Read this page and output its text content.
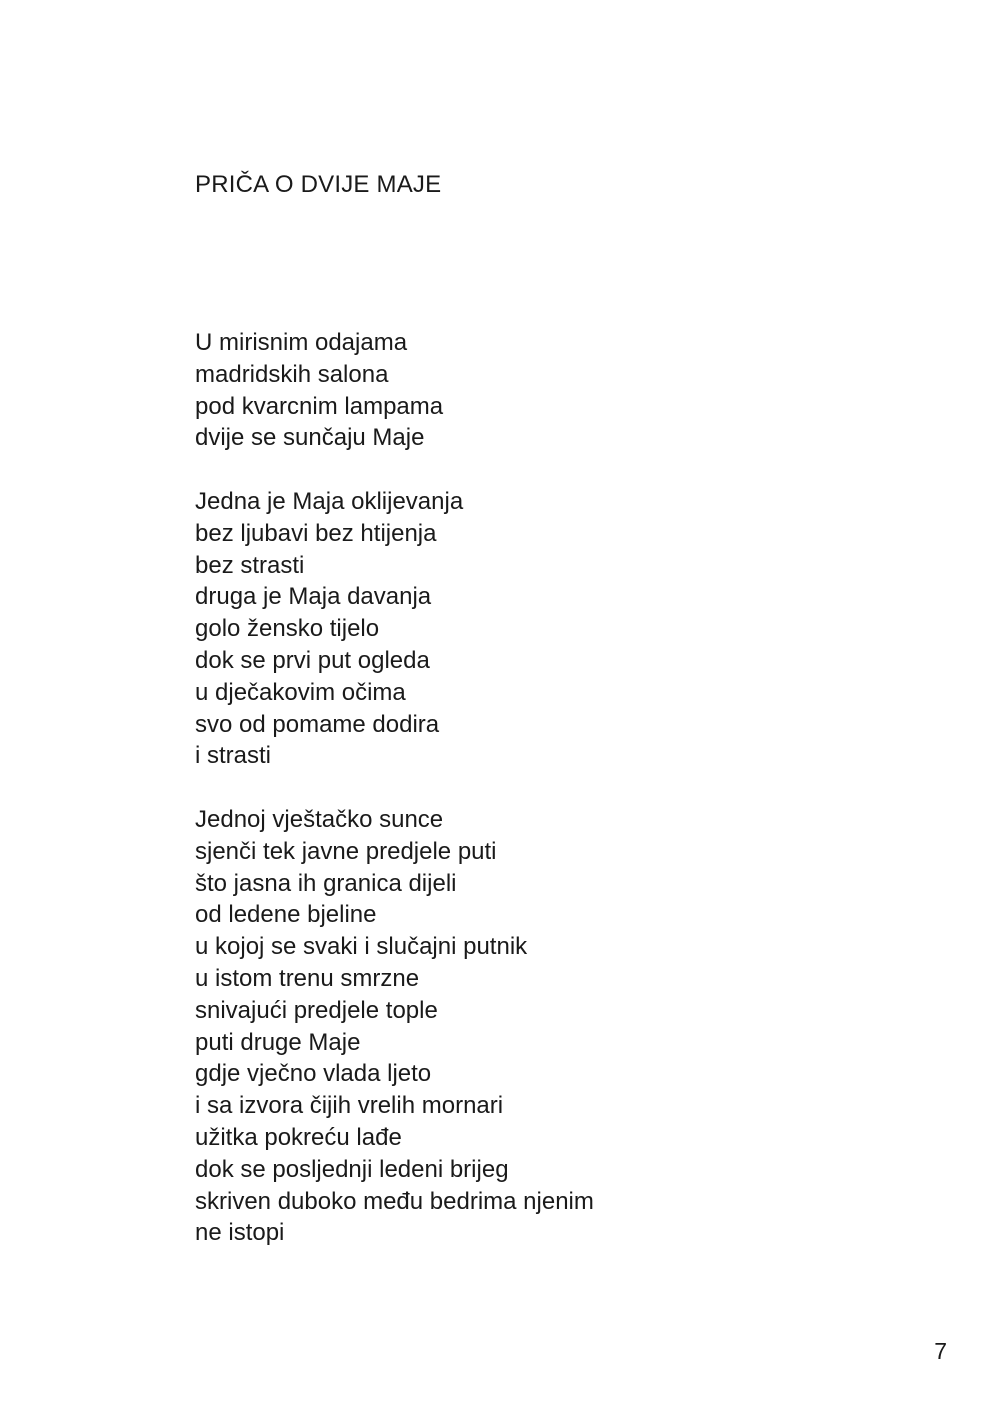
PRIČA O DVIJE MAJE
U mirisnim odajama
madridskih salona
pod kvarcnim lampama
dvije se sunčaju Maje
Jedna je Maja oklijevanja
bez ljubavi bez htijenja
bez strasti
druga je Maja davanja
golo žensko tijelo
dok se prvi put ogleda
u dječakovim očima
svo od pomame dodira
i strasti
Jednoj vještačko sunce
sjenči tek javne predjele puti
što jasna ih granica dijeli
od ledene bjeline
u kojoj se svaki i slučajni putnik
u istom trenu smrzne
snivajući predjele tople
puti druge Maje
gdje vječno vlada ljeto
i sa izvora čijih vrelih mornari
užitka pokreću lađe
dok se posljednji ledeni brijeg
skriven duboko među bedrima njenim
ne istopi
7
